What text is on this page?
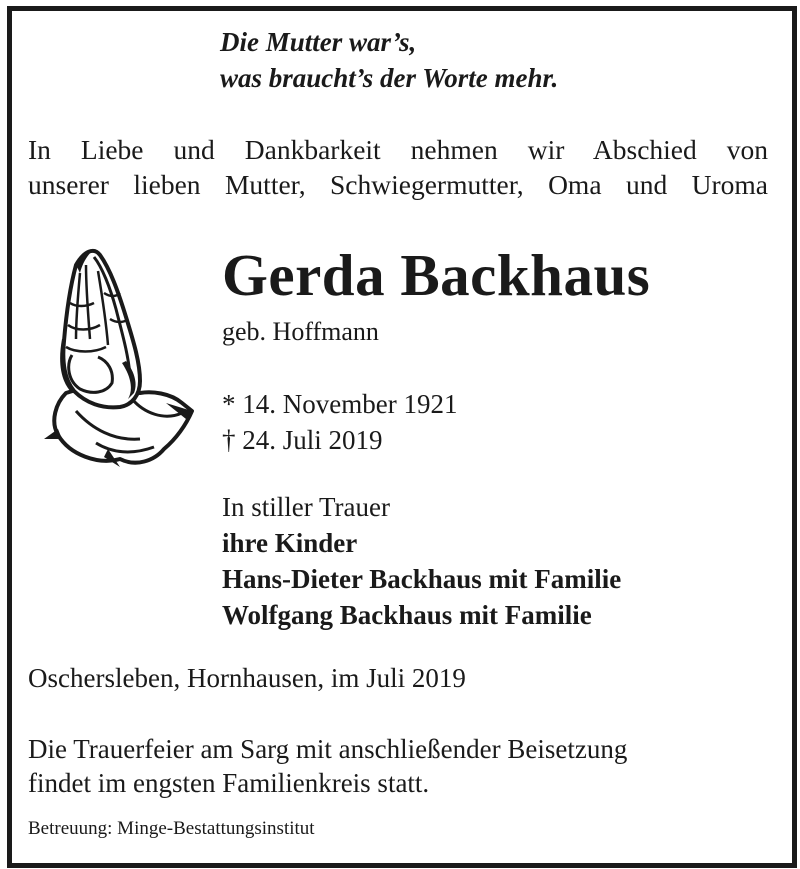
Die Mutter war’s,
was braucht’s der Worte mehr.
In Liebe und Dankbarkeit nehmen wir Abschied von
unserer lieben Mutter, Schwiegermutter, Oma und Uroma
Gerda Backhaus
geb. Hoffmann
* 14. November 1921
† 24. Juli 2019
In stiller Trauer
ihre Kinder
Hans-Dieter Backhaus mit Familie
Wolfgang Backhaus mit Familie
Oschersleben, Hornhausen, im Juli 2019
Die Trauerfeier am Sarg mit anschließender Beisetzung
findet im engsten Familienkreis statt.
Betreuung: Minge-Bestattungsinstitut
